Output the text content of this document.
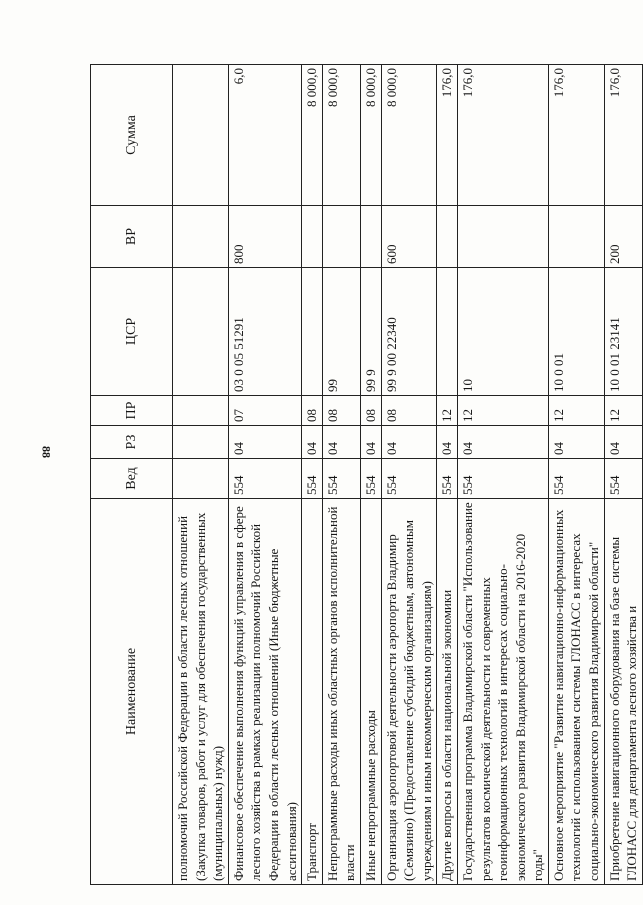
88
Наименование	Вед	РЗ	ПР	ЦСР	ВР	Сумма
полномочий Российской Федерации в области лесных отношений (Закупка товаров, работ и услуг для обеспечения государственных (муниципальных) нужд)						
Финансовое обеспечение выполнения функций управления в сфере лесного хозяйства в рамках реализации полномочий Российской Федерации в области лесных отношений (Иные бюджетные ассигнования)	554	04	07	03 0 05 51291	800	6,0
Транспорт	554	04	08			8 000,0
Непрограммные расходы иных областных органов исполнительной власти	554	04	08	99		8 000,0
Иные непрограммные расходы	554	04	08	99 9		8 000,0
Организация аэропортовой деятельности аэропорта Владимир (Семязино) (Предоставление субсидий бюджетным, автономным учреждениям и иным некоммерческим организациям)	554	04	08	99 9 00 22340	600	8 000,0
Другие вопросы в области национальной экономики	554	04	12			176,0
Государственная программа Владимирской области "Использование результатов космической деятельности и современных геоинформационных технологий в интересах социально-экономического развития Владимирской области на 2016-2020 годы"	554	04	12	10		176,0
Основное мероприятие "Развитие навигационно-информационных технологий с использованием системы ГЛОНАСС в интересах социально-экономического развития Владимирской области"	554	04	12	10 0 01		176,0
Приобретение навигационного оборудования на базе системы ГЛОНАСС для департамента лесного хозяйства и	554	04	12	10 0 01 23141	200	176,0
